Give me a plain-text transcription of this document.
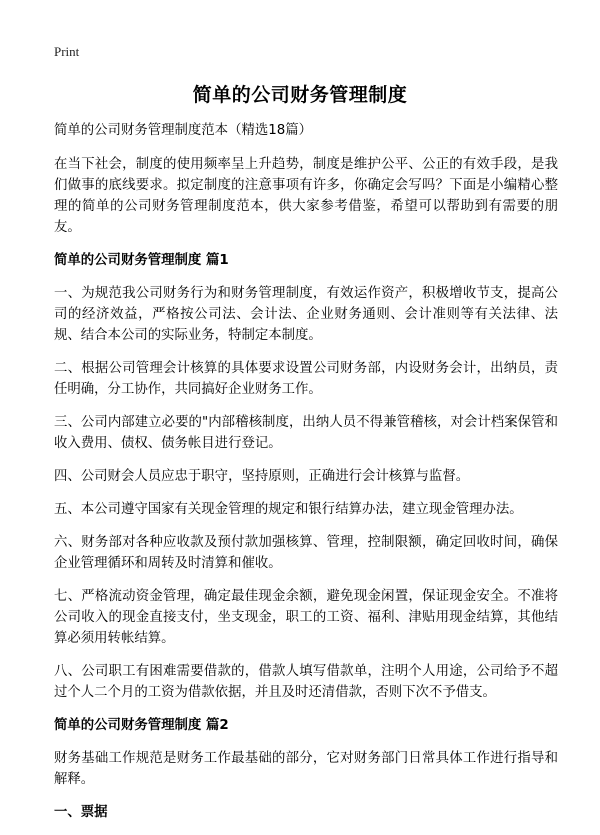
Print
简单的公司财务管理制度
简单的公司财务管理制度范本（精选18篇）
在当下社会，制度的使用频率呈上升趋势，制度是维护公平、公正的有效手段，是我们做事的底线要求。拟定制度的注意事项有许多，你确定会写吗？下面是小编精心整理的简单的公司财务管理制度范本，供大家参考借鉴，希望可以帮助到有需要的朋友。
简单的公司财务管理制度 篇1
一、为规范我公司财务行为和财务管理制度，有效运作资产，积极增收节支，提高公司的经济效益，严格按公司法、会计法、企业财务通则、会计准则等有关法律、法规、结合本公司的实际业务，特制定本制度。
二、根据公司管理会计核算的具体要求设置公司财务部，内设财务会计，出纳员，责任明确，分工协作，共同搞好企业财务工作。
三、公司内部建立必要的"内部稽核制度，出纳人员不得兼管稽核，对会计档案保管和收入费用、债权、债务帐目进行登记。
四、公司财会人员应忠于职守，坚持原则，正确进行会计核算与监督。
五、本公司遵守国家有关现金管理的规定和银行结算办法，建立现金管理办法。
六、财务部对各种应收款及预付款加强核算、管理，控制限额，确定回收时间，确保企业管理循环和周转及时清算和催收。
七、严格流动资金管理，确定最佳现金余额，避免现金闲置，保证现金安全。不准将公司收入的现金直接支付，坐支现金，职工的工资、福利、津贴用现金结算，其他结算必须用转帐结算。
八、公司职工有困难需要借款的，借款人填写借款单，注明个人用途，公司给予不超过个人二个月的工资为借款依据，并且及时还清借款，否则下次不予借支。
简单的公司财务管理制度 篇2
财务基础工作规范是财务工作最基础的部分，它对财务部门日常具体工作进行指导和解释。
一、票据
